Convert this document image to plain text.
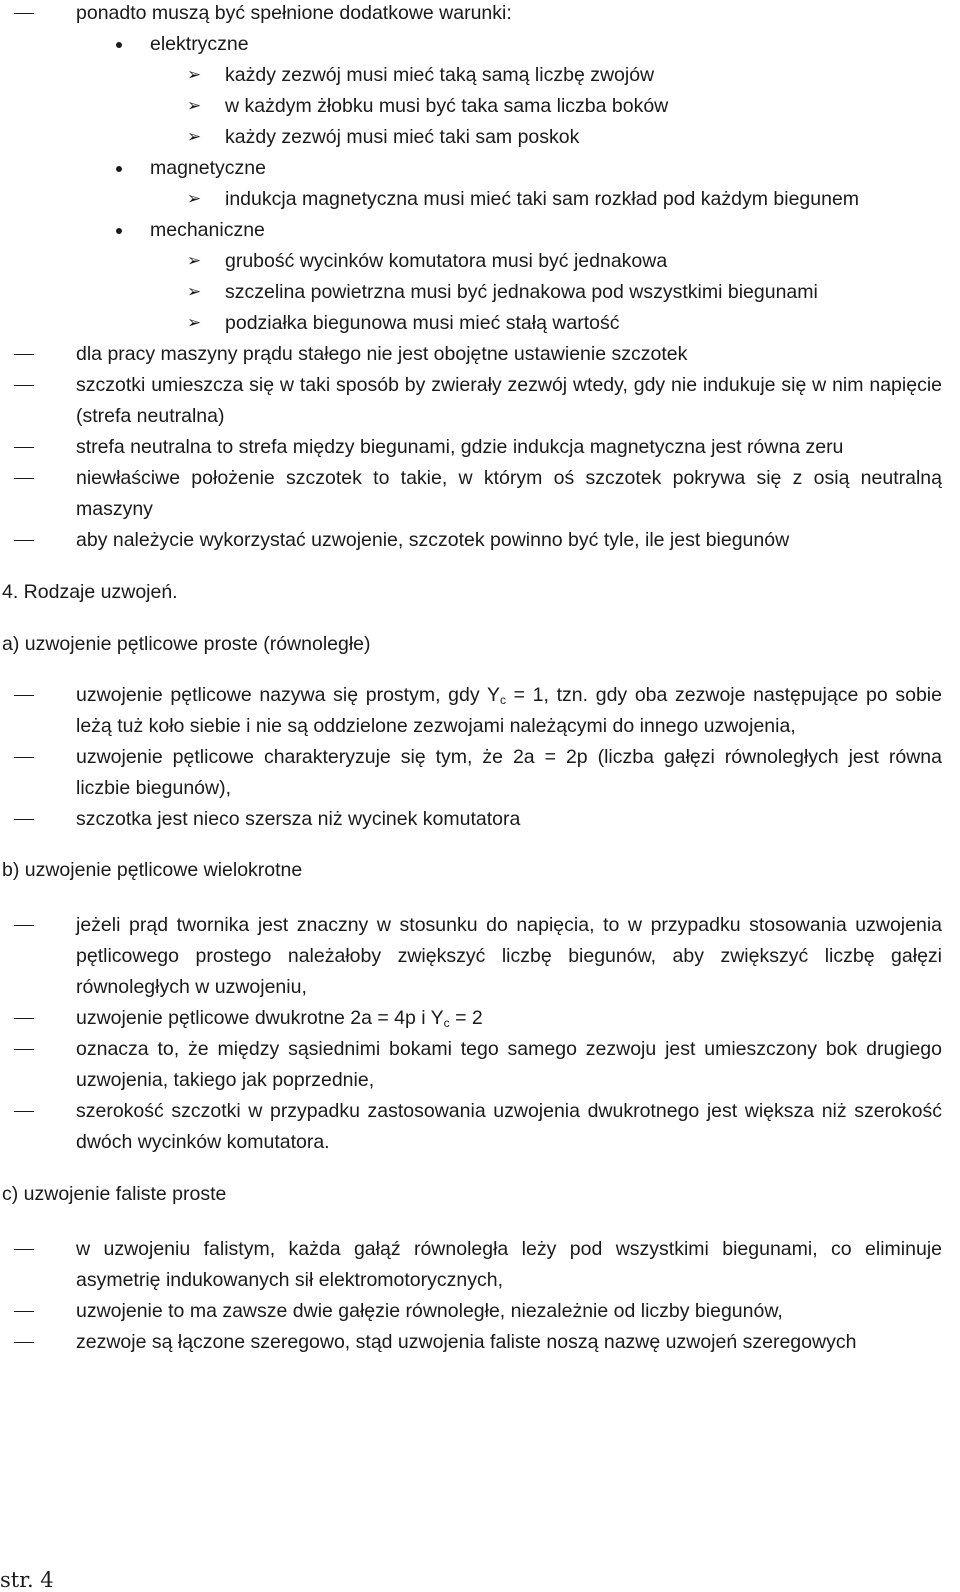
ponadto muszą być spełnione dodatkowe warunki:
elektryczne
➢ każdy zezwój musi mieć taką samą liczbę zwojów
➢ w każdym żłobku musi być taka sama liczba boków
➢ każdy zezwój musi mieć taki sam poskok
magnetyczne
➢ indukcja magnetyczna musi mieć taki sam rozkład pod każdym biegunem
mechaniczne
➢ grubość wycinków komutatora musi być jednakowa
➢ szczelina powietrzna musi być jednakowa pod wszystkimi biegunami
➢ podziałka biegunowa musi mieć stałą wartość
dla pracy maszyny prądu stałego nie jest obojętne ustawienie szczotek
szczotki umieszcza się w taki sposób by zwierały zezwój wtedy, gdy nie indukuje się w nim napięcie (strefa neutralna)
strefa neutralna to strefa między biegunami, gdzie indukcja magnetyczna jest równa zeru
niewłaściwe położenie szczotek to takie, w którym oś szczotek pokrywa się z osią neutralną maszyny
aby należycie wykorzystać uzwojenie, szczotek powinno być tyle, ile jest biegunów
4. Rodzaje uzwojeń.
a) uzwojenie pętlicowe proste (równoległe)
uzwojenie pętlicowe nazywa się prostym, gdy $Y_c = 1$, tzn. gdy oba zezwoje następujące po sobie leżą tuż koło siebie i nie są oddzielone zezwojami należącymi do innego uzwojenia,
uzwojenie pętlicowe charakteryzuje się tym, że 2a = 2p (liczba gałęzi równoległych jest równa liczbie biegunów),
szczotka jest nieco szersza niż wycinek komutatora
b) uzwojenie pętlicowe wielokrotne
jeżeli prąd twornika jest znaczny w stosunku do napięcia, to w przypadku stosowania uzwojenia pętlicowego prostego należałoby zwiększyć liczbę biegunów, aby zwiększyć liczbę gałęzi równoległych w uzwojeniu,
uzwojenie pętlicowe dwukrotne 2a = 4p i $Y_c = 2$
oznacza to, że między sąsiednimi bokami tego samego zezwoju jest umieszczony bok drugiego uzwojenia, takiego jak poprzednie,
szerokość szczotki w przypadku zastosowania uzwojenia dwukrotnego jest większa niż szerokość dwóch wycinków komutatora.
c) uzwojenie faliste proste
w uzwojeniu falistym, każda gałąź równoległa leży pod wszystkimi biegunami, co eliminuje asymetrię indukowanych sił elektromotorycznych,
uzwojenie to ma zawsze dwie gałęzie równoległe, niezależnie od liczby biegunów,
zezwoje są łączone szeregowo, stąd uzwojenia faliste noszą nazwę uzwojeń szeregowych
str. 4
